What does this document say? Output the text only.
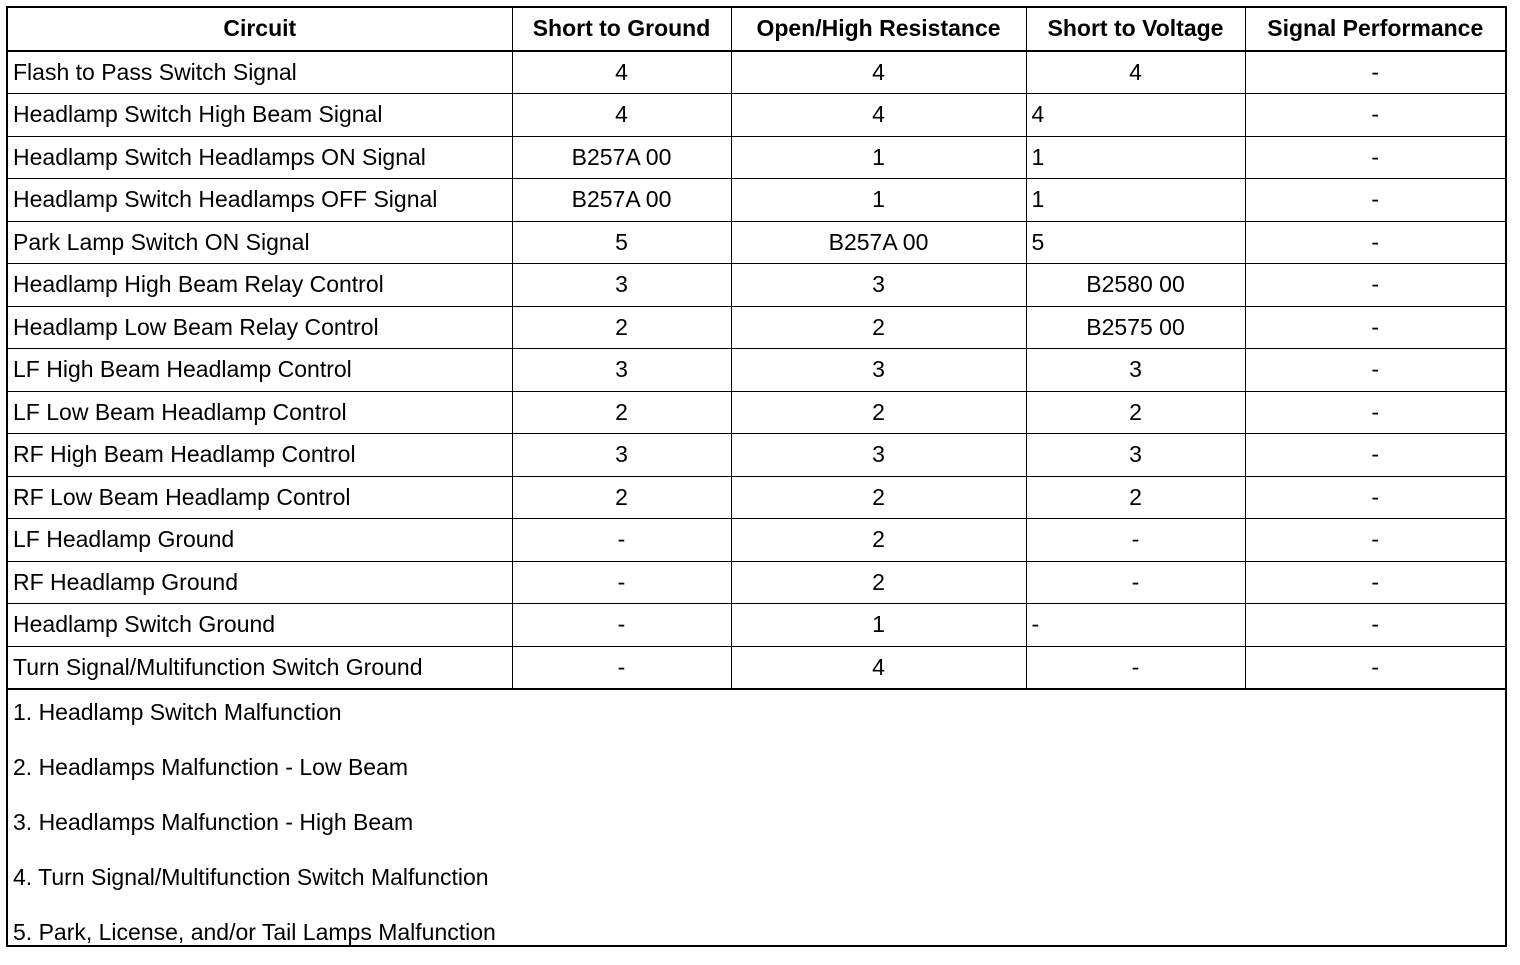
Circuit	Short to Ground	Open/High Resistance	Short to Voltage	Signal Performance
Flash to Pass Switch Signal	4	4	4	-
Headlamp Switch High Beam Signal	4	4	4	-
Headlamp Switch Headlamps ON Signal	B257A 00	1	1	-
Headlamp Switch Headlamps OFF Signal	B257A 00	1	1	-
Park Lamp Switch ON Signal	5	B257A 00	5	-
Headlamp High Beam Relay Control	3	3	B2580 00	-
Headlamp Low Beam Relay Control	2	2	B2575 00	-
LF High Beam Headlamp Control	3	3	3	-
LF Low Beam Headlamp Control	2	2	2	-
RF High Beam Headlamp Control	3	3	3	-
RF Low Beam Headlamp Control	2	2	2	-
LF Headlamp Ground	-	2	-	-
RF Headlamp Ground	-	2	-	-
Headlamp Switch Ground	-	1	-	-
Turn Signal/Multifunction Switch Ground	-	4	-	-
1. Headlamp Switch Malfunction
2. Headlamps Malfunction - Low Beam
3. Headlamps Malfunction - High Beam
4. Turn Signal/Multifunction Switch Malfunction
5. Park, License, and/or Tail Lamps Malfunction
